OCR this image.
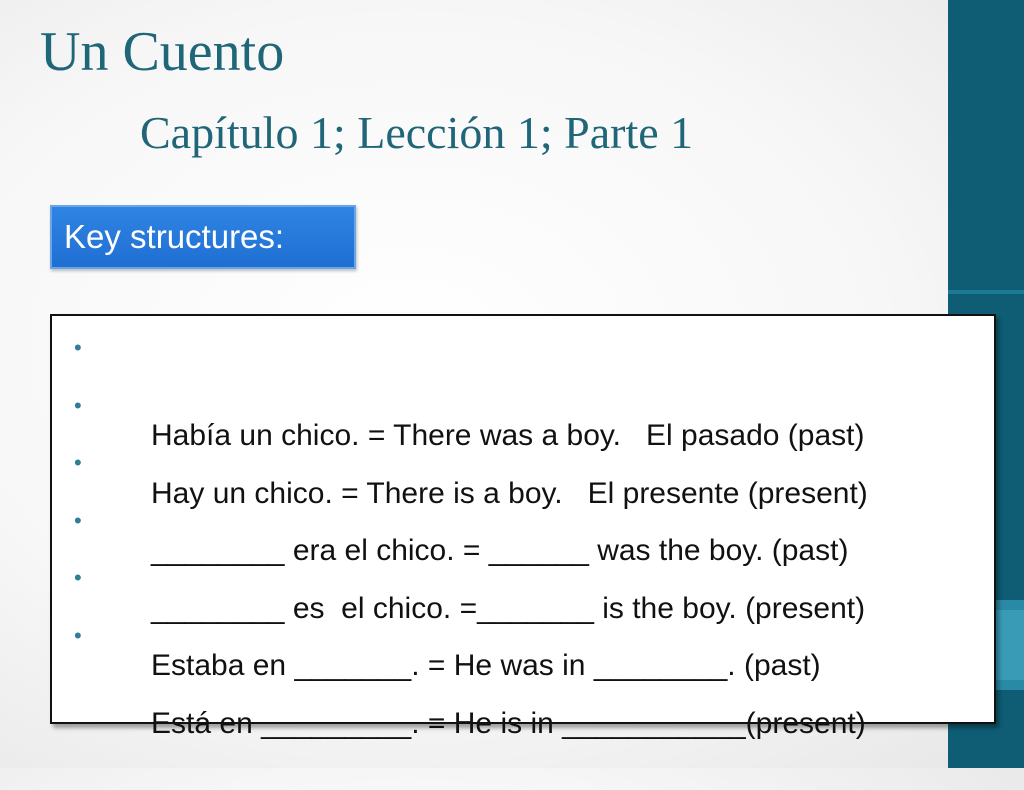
Un Cuento
Capítulo 1; Lección 1; Parte 1
Key structures:

•

Había un chico. = There was a boy.   El pasado (past)

•

Hay un chico. = There is a boy.   El presente (present)

•

________ era el chico. = ______ was the boy. (past)

•

________ es  el chico. =_______ is the boy. (present)

•

Estaba en _______. = He was in ________. (past)

•

Está en _________. = He is in ___________(present)
